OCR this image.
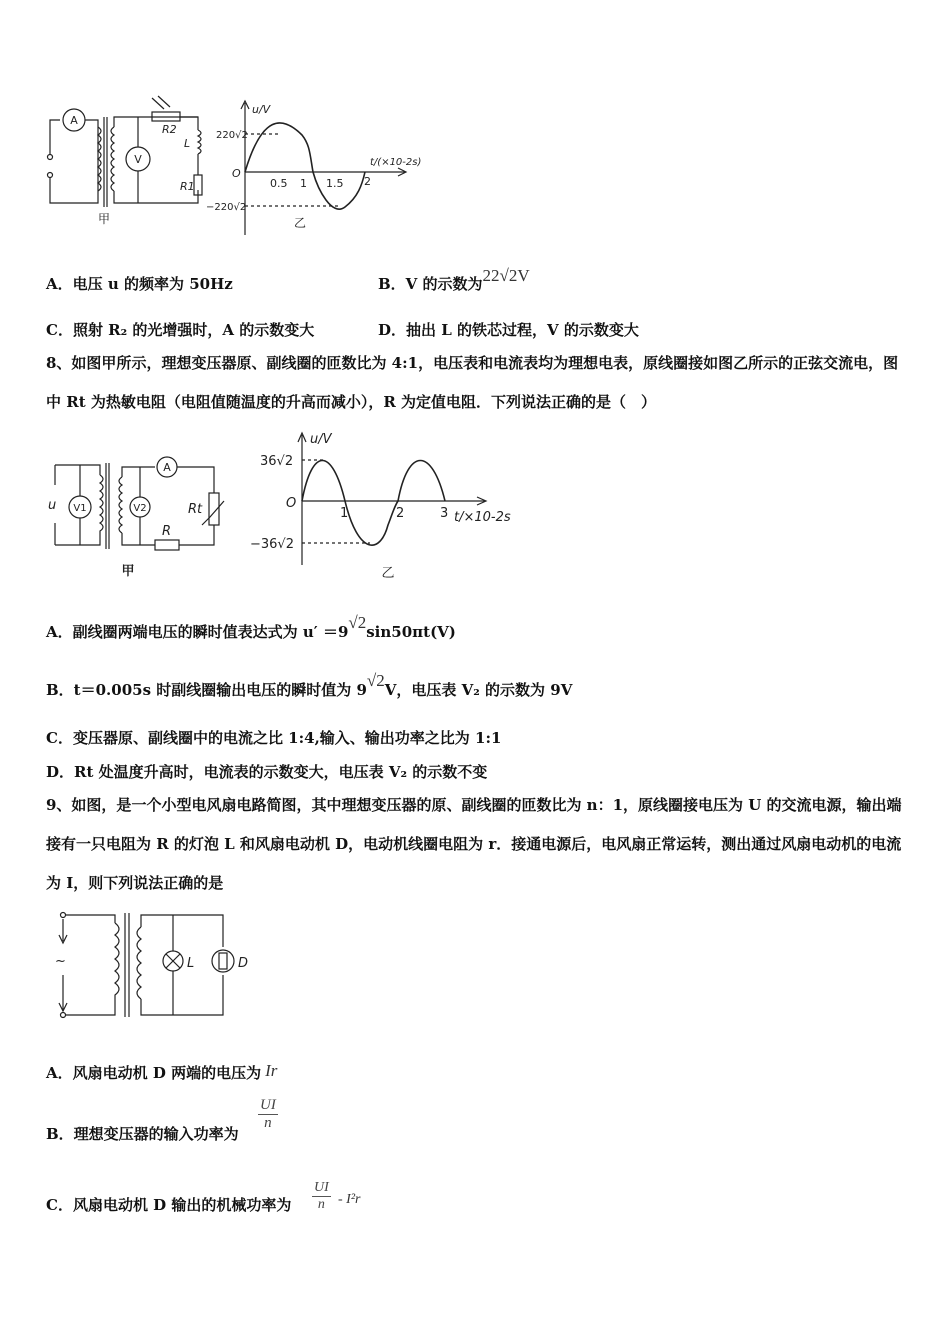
A
V
R2
L
R1
甲
u/V
t/(×10-2s)
220√2
−220√2
O
0.5 1 1.5 2
乙
A．电压 u 的频率为 50Hz	B．V 的示数为22√2V
C．照射 R₂ 的光增强时，A 的示数变大	D．抽出 L 的铁芯过程，V 的示数变大
8、如图甲所示，理想变压器原、副线圈的匝数比为 4:1，电压表和电流表均为理想电表，原线圈接如图乙所示的正弦交流电，图中 Rt 为热敏电阻（电阻值随温度的升高而减小），R 为定值电阻．下列说法正确的是（　）
u V1	V2
A
Rt
R
甲
u/V
t/×10-2s
36√2
−36√2
O
1	2	3
乙
A．副线圈两端电压的瞬时值表达式为 u′ ＝9√2sin50πt(V)
B．t＝0.005s 时副线圈输出电压的瞬时值为 9√2V，电压表 V₂ 的示数为 9V
C．变压器原、副线圈中的电流之比 1:4,输入、输出功率之比为 1:1
D．Rt 处温度升高时，电流表的示数变大，电压表 V₂ 的示数不变
9、如图，是一个小型电风扇电路简图，其中理想变压器的原、副线圈的匝数比为 n：1，原线圈接电压为 U 的交流电源，输出端接有一只电阻为 R 的灯泡 L 和风扇电动机 D，电动机线圈电阻为 r．接通电源后，电风扇正常运转，测出通过风扇电动机的电流为 I，则下列说法正确的是
~	L	D
A．风扇电动机 D 两端的电压为 Ir
B．理想变压器的输入功率为
$\frac{UI}{n}$
C．风扇电动机 D 输出的机械功率为 $\frac{UI}{n} - I^2r$
